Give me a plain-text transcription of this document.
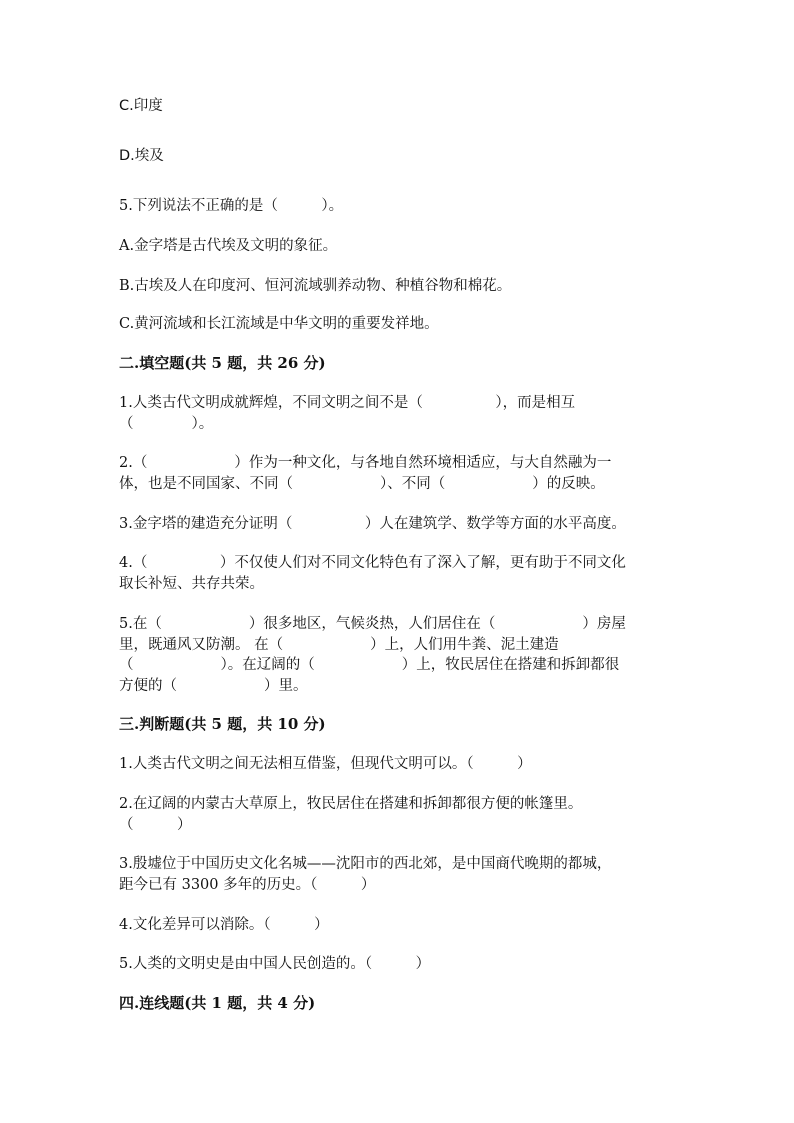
C.印度
D.埃及
5.下列说法不正确的是（　　　）。
A.金字塔是古代埃及文明的象征。
B.古埃及人在印度河、恒河流域驯养动物、种植谷物和棉花。
C.黄河流域和长江流域是中华文明的重要发祥地。
二.填空题(共 5 题，共 26 分)
1.人类古代文明成就辉煌，不同文明之间不是（　　　　　），而是相互
（　　　　）。
2.（　　　　　　）作为一种文化，与各地自然环境相适应，与大自然融为一
体，也是不同国家、不同（　　　　　　）、不同（　　　　　　）的反映。
3.金字塔的建造充分证明（　　　　　）人在建筑学、数学等方面的水平高度。
4.（　　　　　）不仅使人们对不同文化特色有了深入了解，更有助于不同文化
取长补短、共存共荣。
5.在（　　　　　　）很多地区，气候炎热，人们居住在（　　　　　　）房屋
里，既通风又防潮。 在（　　　　　　）上，人们用牛粪、泥土建造
（　　　　　　）。在辽阔的（　　　　　　）上，牧民居住在搭建和拆卸都很
方便的（　　　　　　）里。
三.判断题(共 5 题，共 10 分)
1.人类古代文明之间无法相互借鉴，但现代文明可以。（　　　）
2.在辽阔的内蒙古大草原上，牧民居住在搭建和拆卸都很方便的帐篷里。
（　　　）
3.殷墟位于中国历史文化名城——沈阳市的西北郊，是中国商代晚期的都城，
距今已有 3300 多年的历史。（　　　）
4.文化差异可以消除。（　　　）
5.人类的文明史是由中国人民创造的。（　　　）
四.连线题(共 1 题，共 4 分)
